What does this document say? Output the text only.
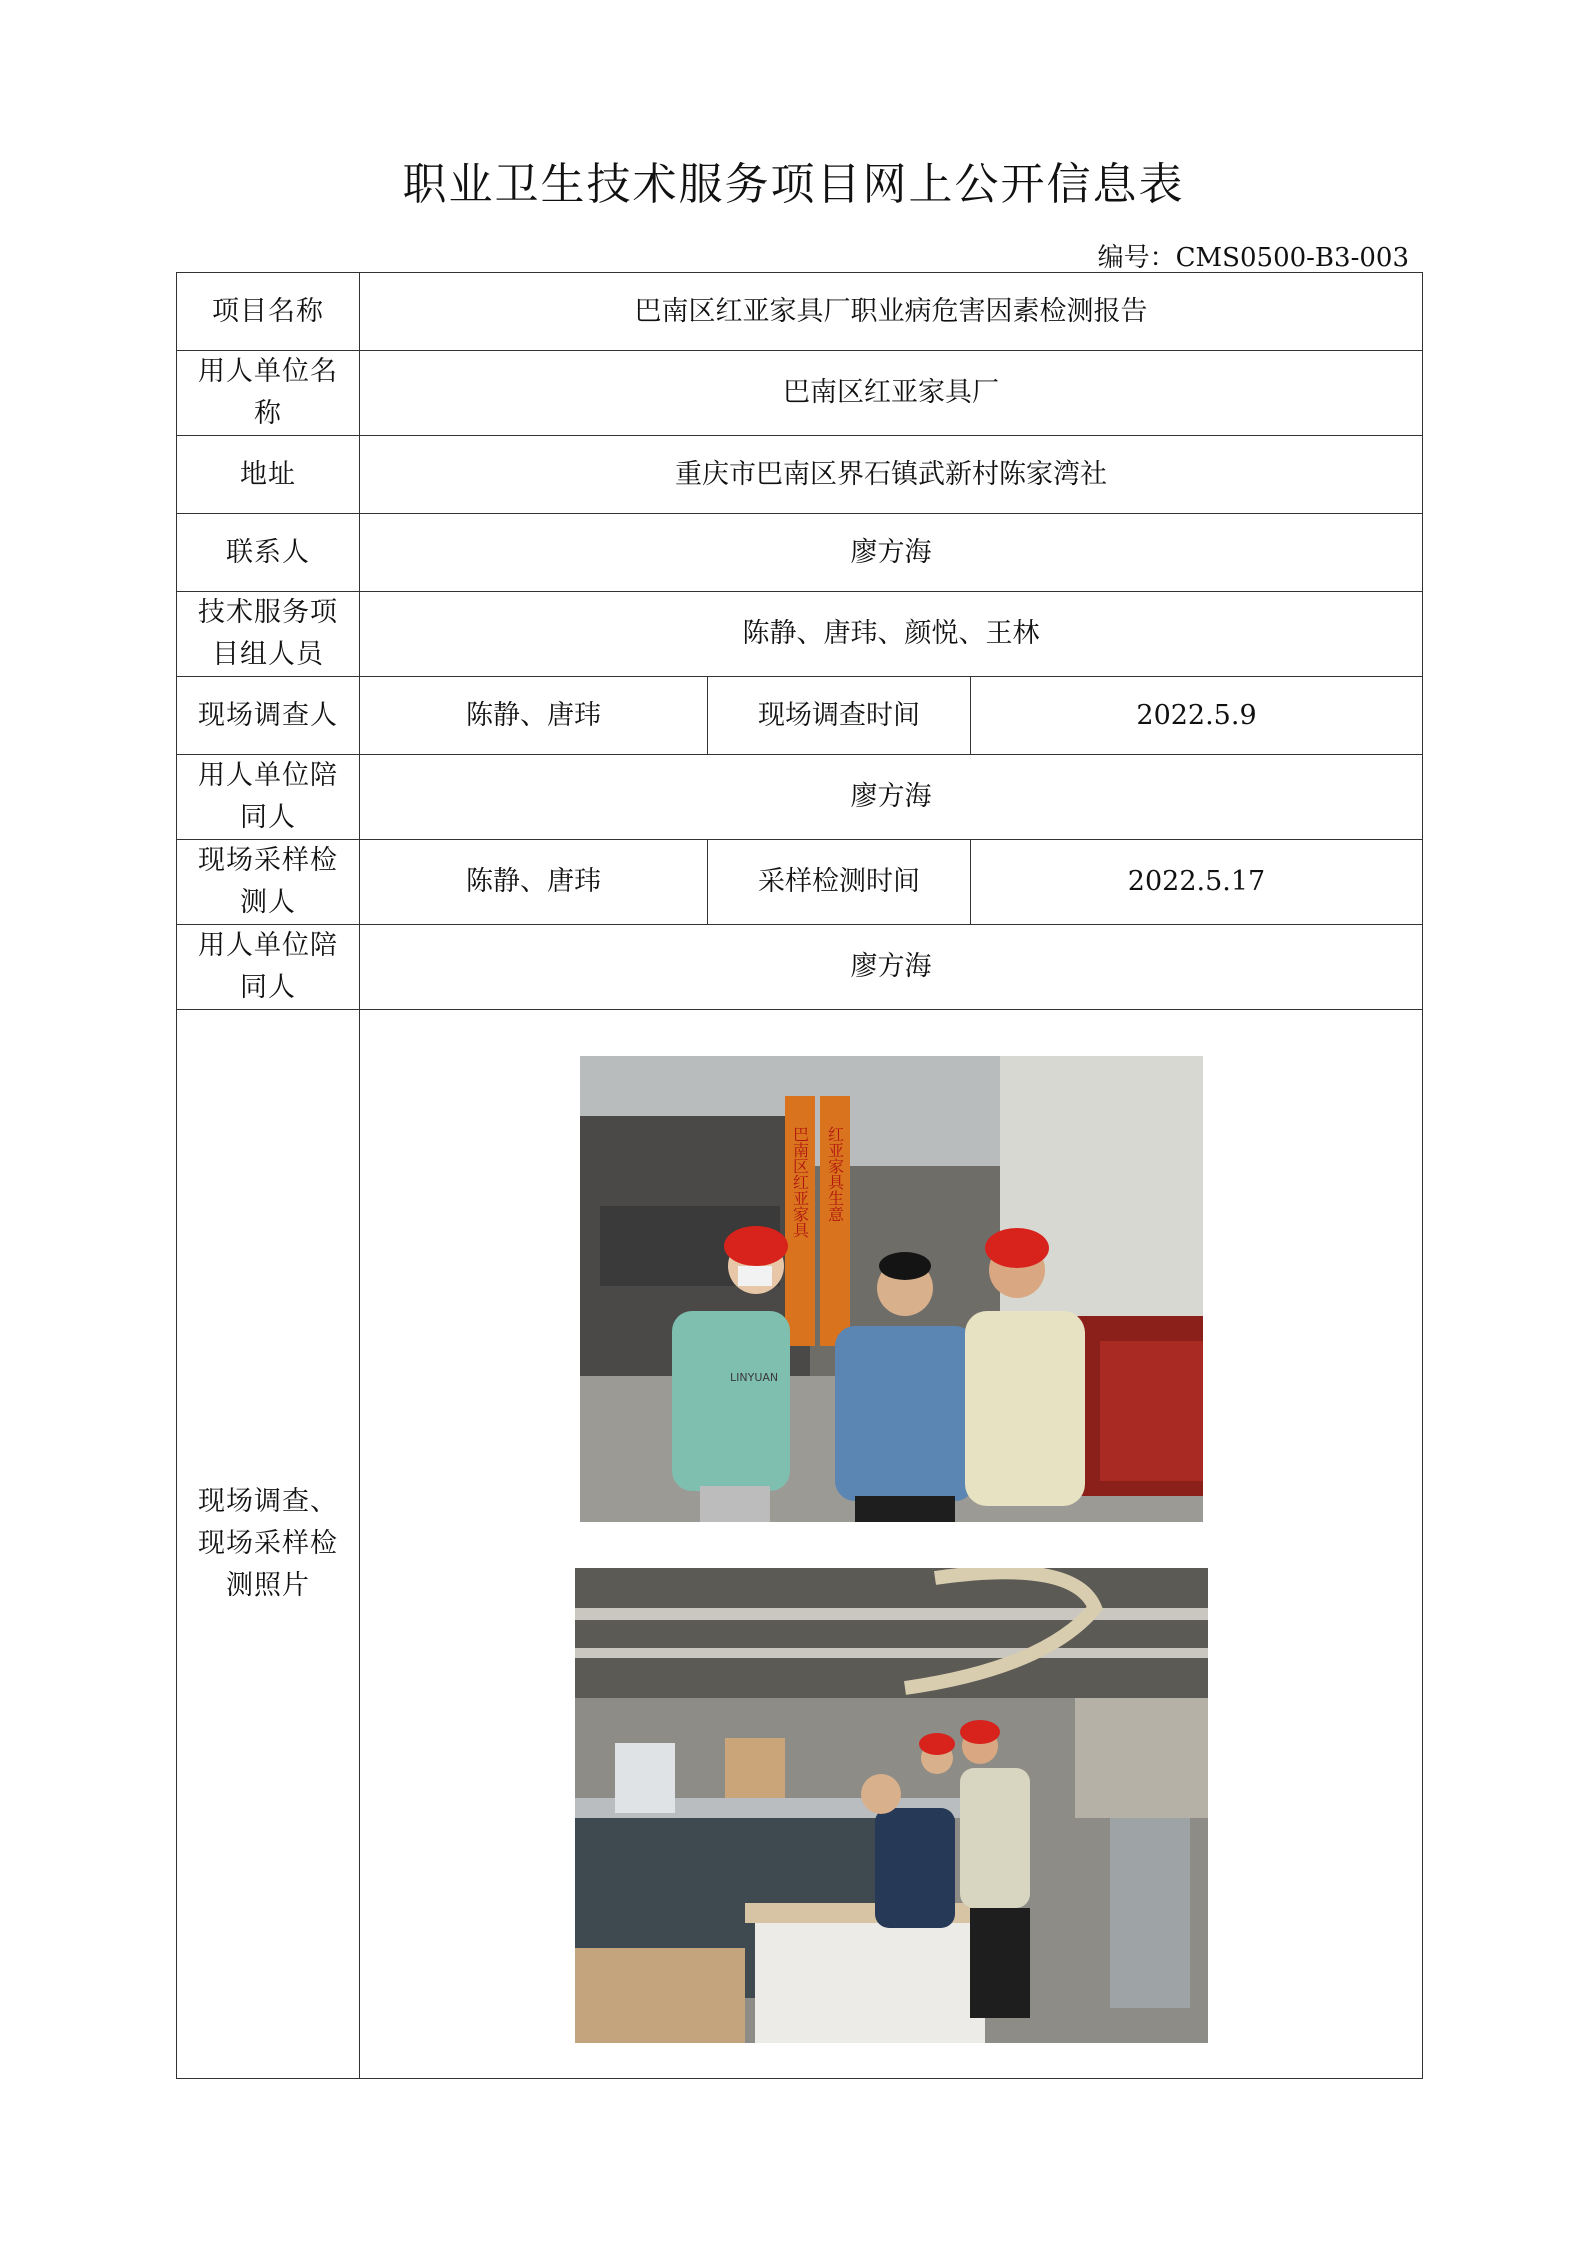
职业卫生技术服务项目网上公开信息表
编号：CMS0500-B3-003
项目名称	巴南区红亚家具厂职业病危害因素检测报告		
用人单位名称	巴南区红亚家具厂		
地址	重庆市巴南区界石镇武新村陈家湾社		
联系人	廖方海		
技术服务项目组人员	陈静、唐玮、颜悦、王林		
现场调查人	陈静、唐玮	现场调查时间	2022.5.9
用人单位陪同人	廖方海		
现场采样检测人	陈静、唐玮	采样检测时间	2022.5.17
用人单位陪同人	廖方海		
现场调查、现场采样检测照片	巴南区红亚家具 红亚家具生意
LINYUAN		
